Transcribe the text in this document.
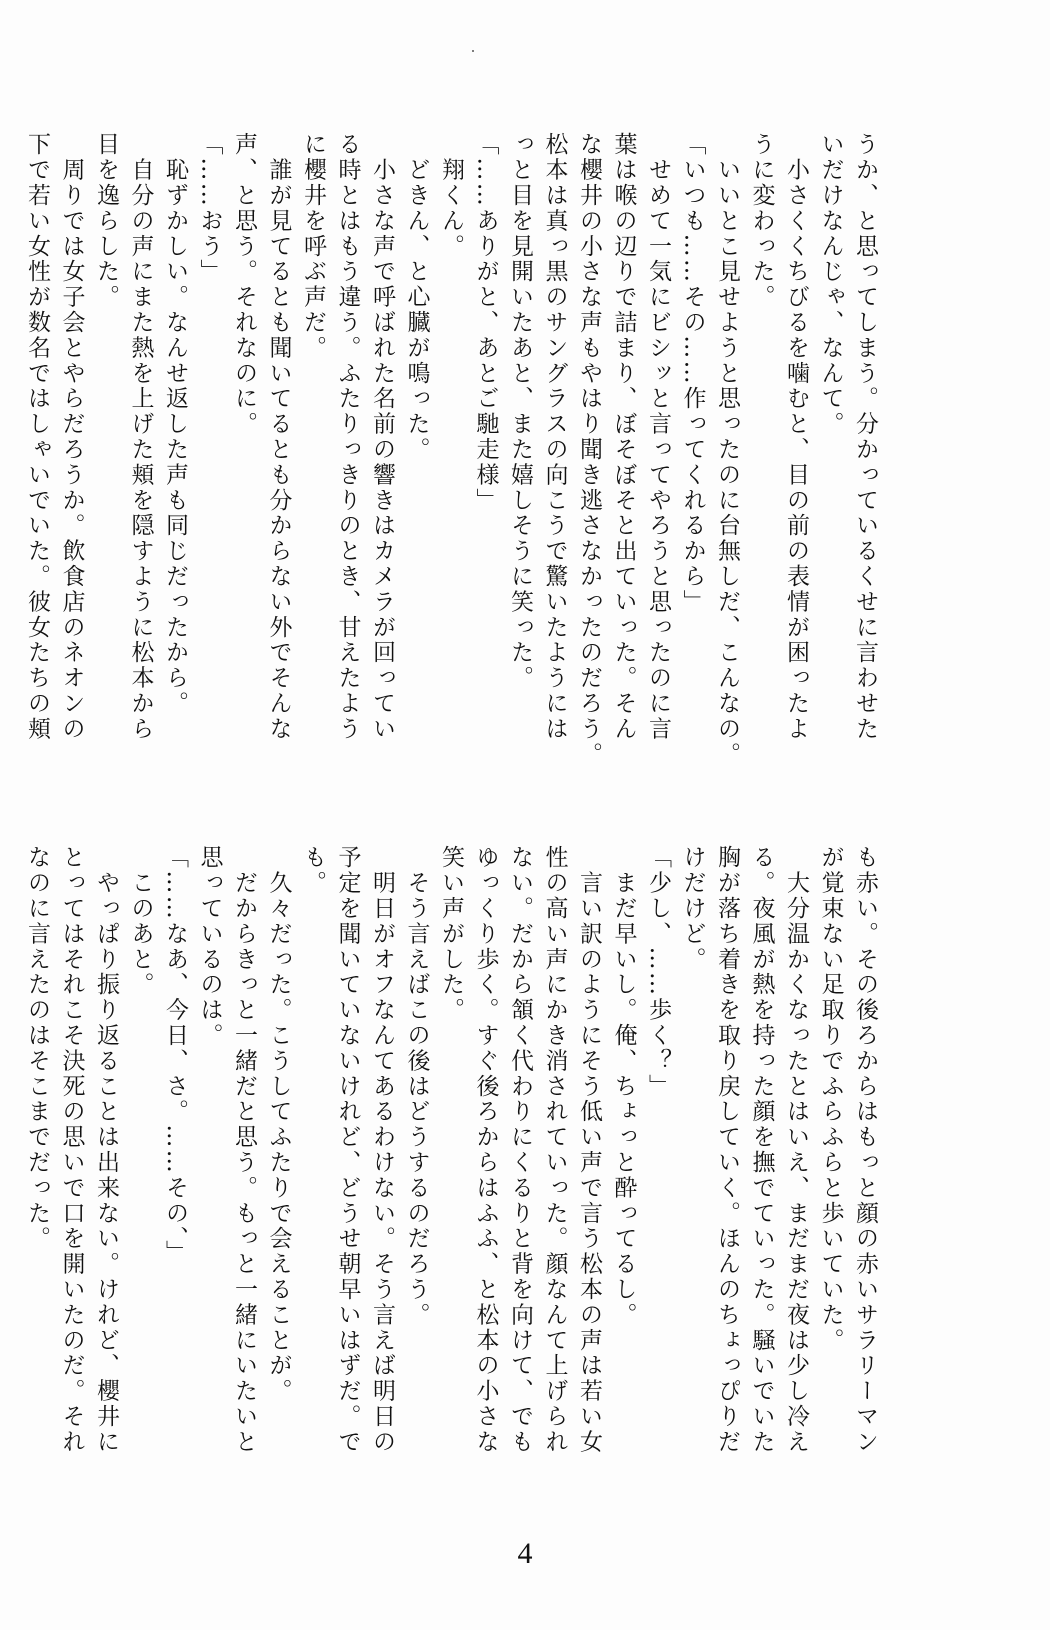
うか、と思ってしまう。分かっているくせに言わせた
いだけなんじゃ、なんて。
　小さくくちびるを噛むと、目の前の表情が困ったよ
うに変わった。
　いいとこ見せようと思ったのに台無しだ、こんなの。
「いつも……その……作ってくれるから」
　せめて一気にビシッと言ってやろうと思ったのに言
葉は喉の辺りで詰まり、ぼそぼそと出ていった。そん
な櫻井の小さな声もやはり聞き逃さなかったのだろう。
松本は真っ黒のサングラスの向こうで驚いたようには
っと目を見開いたあと、また嬉しそうに笑った。
「……ありがと、あとご馳走様」
　翔くん。
　どきん、と心臓が鳴った。
　小さな声で呼ばれた名前の響きはカメラが回ってい
る時とはもう違う。ふたりっきりのとき、甘えたよう
に櫻井を呼ぶ声だ。
　誰が見てるとも聞いてるとも分からない外でそんな
声、と思う。それなのに。
「……おう」
　恥ずかしい。なんせ返した声も同じだったから。
　自分の声にまた熱を上げた頬を隠すように松本から
目を逸らした。
　周りでは女子会とやらだろうか。飲食店のネオンの
下で若い女性が数名ではしゃいでいた。彼女たちの頬
も赤い。その後ろからはもっと顔の赤いサラリーマン
が覚束ない足取りでふらふらと歩いていた。
　大分温かくなったとはいえ、まだまだ夜は少し冷え
る。夜風が熱を持った顔を撫でていった。騒いでいた
胸が落ち着きを取り戻していく。ほんのちょっぴりだ
けだけど。
「少し、……歩く？」
　まだ早いし。俺、ちょっと酔ってるし。
　言い訳のようにそう低い声で言う松本の声は若い女
性の高い声にかき消されていった。顔なんて上げられ
ない。だから頷く代わりにくるりと背を向けて、でも
ゆっくり歩く。すぐ後ろからはふふ、と松本の小さな
笑い声がした。
　そう言えばこの後はどうするのだろう。
　明日がオフなんてあるわけない。そう言えば明日の
予定を聞いていないけれど、どうせ朝早いはずだ。で
も。
　久々だった。こうしてふたりで会えることが。
　だからきっと一緒だと思う。もっと一緒にいたいと
思っているのは。
「……なあ、今日、さ。……その、」
　このあと。
　やっぱり振り返ることは出来ない。けれど、櫻井に
とってはそれこそ決死の思いで口を開いたのだ。それ
なのに言えたのはそこまでだった。
4
